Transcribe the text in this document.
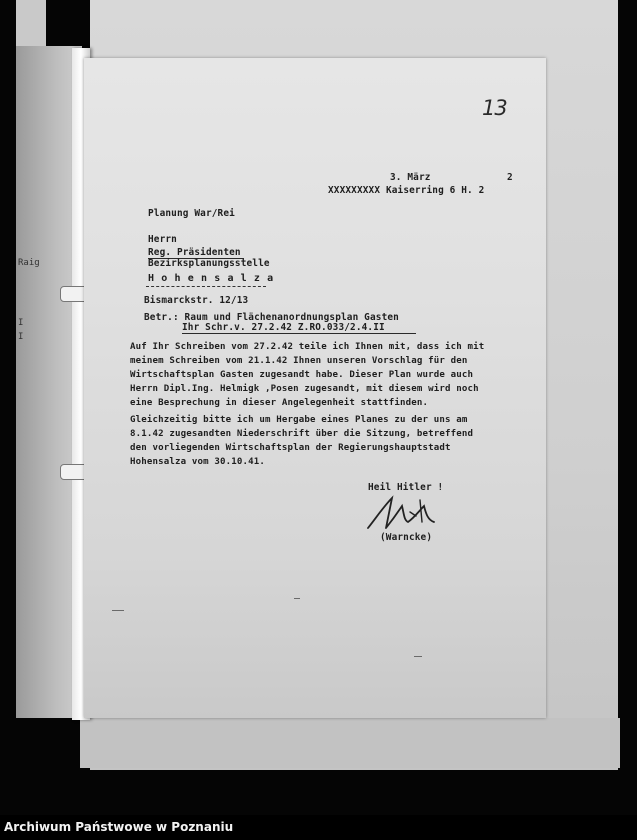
Raig
I
I
13
3. März	2
XXXXXXXXX Kaiserring 6 H. 2
Planung War/Rei
Herrn
Reg. Präsidenten
Bezirksplanungsstelle
H o h e n s a l z a
Bismarckstr. 12/13
Betr.: Raum und Flächenanordnungsplan Gasten
Ihr Schr.v. 27.2.42 Z.RO.033/2.4.II
Auf Ihr Schreiben vom 27.2.42 teile ich Ihnen mit, dass ich mit
meinem Schreiben vom 21.1.42 Ihnen unseren Vorschlag für den
Wirtschaftsplan Gasten zugesandt habe. Dieser Plan wurde auch
Herrn Dipl.Ing. Helmigk ,Posen zugesandt, mit diesem wird noch
eine Besprechung in dieser Angelegenheit stattfinden.
Gleichzeitig bitte ich um Hergabe eines Planes zu der uns am
8.1.42 zugesandten Niederschrift über die Sitzung, betreffend
den vorliegenden Wirtschaftsplan der Regierungshauptstadt
Hohensalza vom 30.10.41.
Heil Hitler !
(Warncke)
Archiwum Państwowe w Poznaniu
